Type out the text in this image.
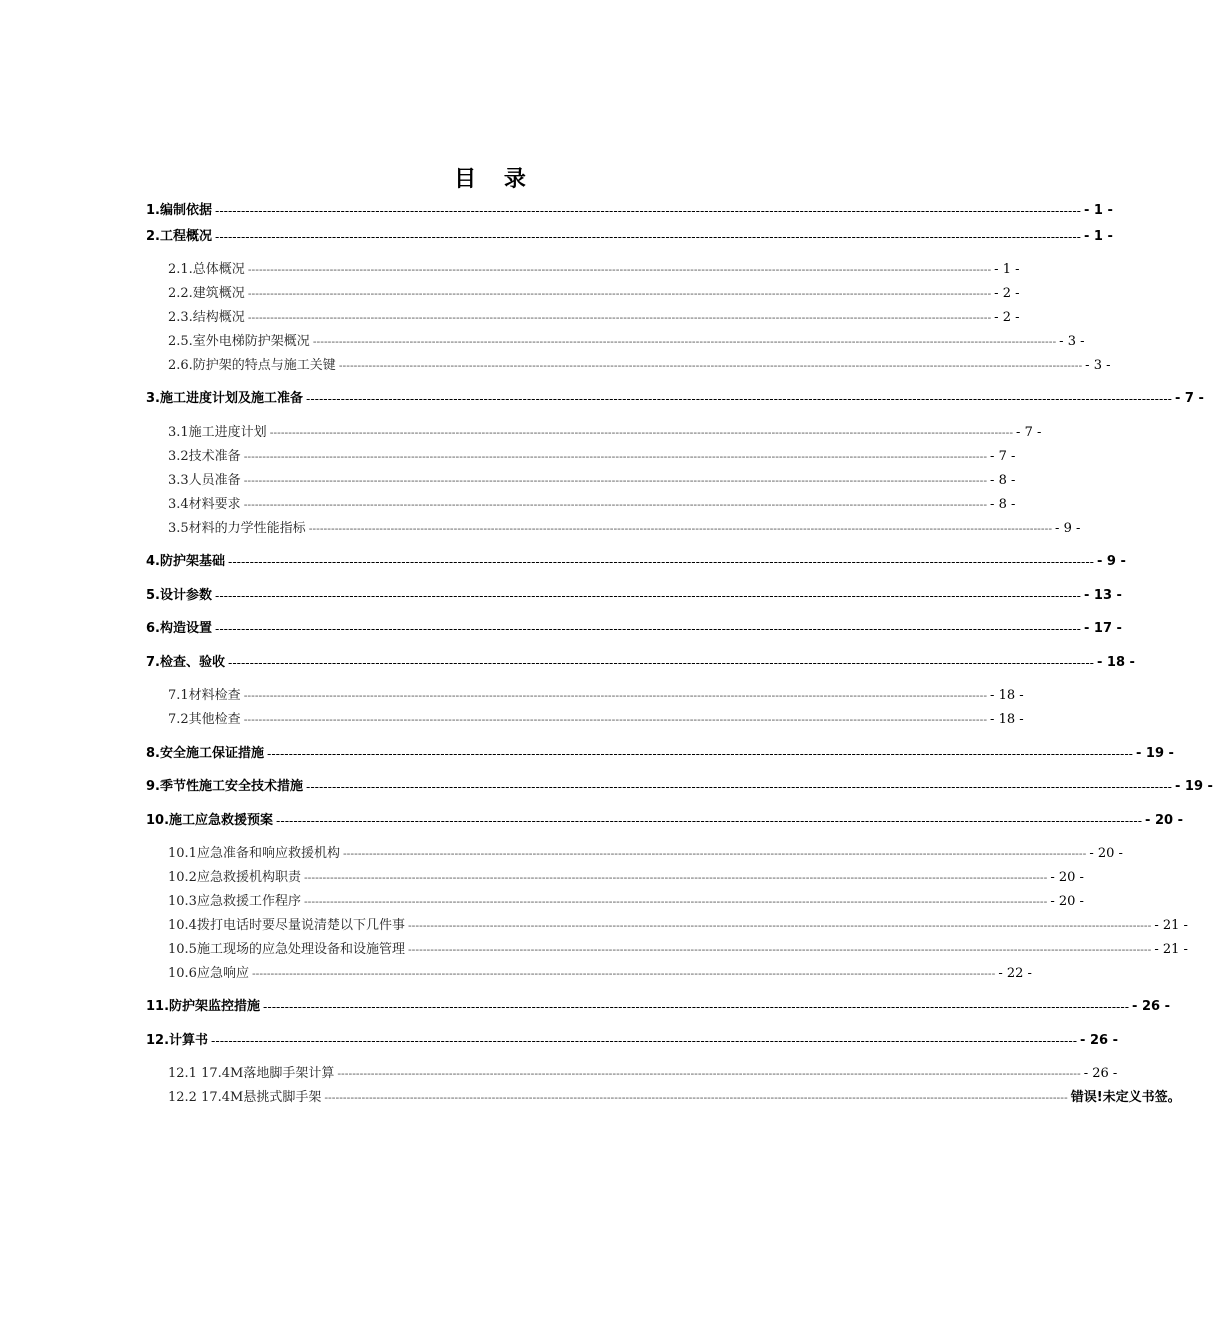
目 录
1.编制依据 -------------------------------------------------------------------------------------------------------------------------------------------------------------------------------------------------------- - 1 -
2.工程概况 -------------------------------------------------------------------------------------------------------------------------------------------------------------------------------------------------------- - 1 -
2.1.总体概况 -------------------------------------------------------------------------------------------------------------------------------------------------------------------------------------------------------- - 1 -
2.2.建筑概况 -------------------------------------------------------------------------------------------------------------------------------------------------------------------------------------------------------- - 2 -
2.3.结构概况 -------------------------------------------------------------------------------------------------------------------------------------------------------------------------------------------------------- - 2 -
2.5.室外电梯防护架概况 -------------------------------------------------------------------------------------------------------------------------------------------------------------------------------------------------------- - 3 -
2.6.防护架的特点与施工关键 -------------------------------------------------------------------------------------------------------------------------------------------------------------------------------------------------------- - 3 -
3.施工进度计划及施工准备 -------------------------------------------------------------------------------------------------------------------------------------------------------------------------------------------------------- - 7 -
3.1施工进度计划 -------------------------------------------------------------------------------------------------------------------------------------------------------------------------------------------------------- - 7 -
3.2技术准备 -------------------------------------------------------------------------------------------------------------------------------------------------------------------------------------------------------- - 7 -
3.3人员准备 -------------------------------------------------------------------------------------------------------------------------------------------------------------------------------------------------------- - 8 -
3.4材料要求 -------------------------------------------------------------------------------------------------------------------------------------------------------------------------------------------------------- - 8 -
3.5材料的力学性能指标 -------------------------------------------------------------------------------------------------------------------------------------------------------------------------------------------------------- - 9 -
4.防护架基础 -------------------------------------------------------------------------------------------------------------------------------------------------------------------------------------------------------- - 9 -
5.设计参数 -------------------------------------------------------------------------------------------------------------------------------------------------------------------------------------------------------- - 13 -
6.构造设置 -------------------------------------------------------------------------------------------------------------------------------------------------------------------------------------------------------- - 17 -
7.检查、验收 -------------------------------------------------------------------------------------------------------------------------------------------------------------------------------------------------------- - 18 -
7.1材料检查 -------------------------------------------------------------------------------------------------------------------------------------------------------------------------------------------------------- - 18 -
7.2其他检查 -------------------------------------------------------------------------------------------------------------------------------------------------------------------------------------------------------- - 18 -
8.安全施工保证措施 -------------------------------------------------------------------------------------------------------------------------------------------------------------------------------------------------------- - 19 -
9.季节性施工安全技术措施 -------------------------------------------------------------------------------------------------------------------------------------------------------------------------------------------------------- - 19 -
10.施工应急救援预案 -------------------------------------------------------------------------------------------------------------------------------------------------------------------------------------------------------- - 20 -
10.1应急准备和响应救援机构 -------------------------------------------------------------------------------------------------------------------------------------------------------------------------------------------------------- - 20 -
10.2应急救援机构职责 -------------------------------------------------------------------------------------------------------------------------------------------------------------------------------------------------------- - 20 -
10.3应急救援工作程序 -------------------------------------------------------------------------------------------------------------------------------------------------------------------------------------------------------- - 20 -
10.4拨打电话时要尽量说清楚以下几件事 -------------------------------------------------------------------------------------------------------------------------------------------------------------------------------------------------------- - 21 -
10.5施工现场的应急处理设备和设施管理 -------------------------------------------------------------------------------------------------------------------------------------------------------------------------------------------------------- - 21 -
10.6应急响应 -------------------------------------------------------------------------------------------------------------------------------------------------------------------------------------------------------- - 22 -
11.防护架监控措施 -------------------------------------------------------------------------------------------------------------------------------------------------------------------------------------------------------- - 26 -
12.计算书 -------------------------------------------------------------------------------------------------------------------------------------------------------------------------------------------------------- - 26 -
12.1 17.4M落地脚手架计算 -------------------------------------------------------------------------------------------------------------------------------------------------------------------------------------------------------- - 26 -
12.2 17.4M悬挑式脚手架 -------------------------------------------------------------------------------------------------------------------------------------------------------------------------------------------------------- 错误!未定义书签。
